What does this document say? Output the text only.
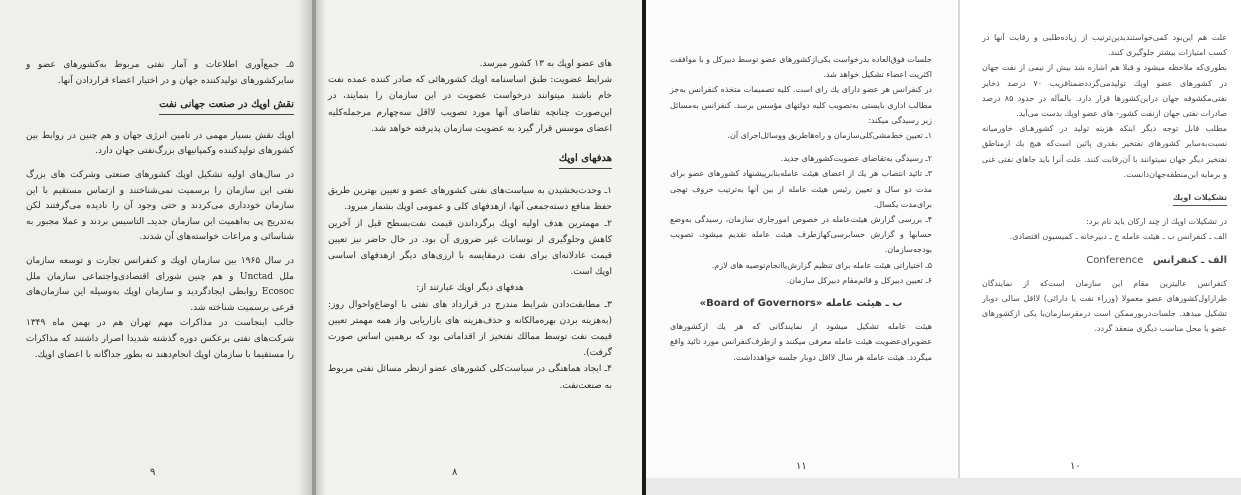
۵ـ جمع‌آوری اطلاعات و آمار نفتی مربوط به‌کشورهای عضو و سایرکشورهای تولیدکننده جهان و در اختیار اعضاء قراردادن آنها.

نقش اوپك در صنعت جهانی نفت

اوپك نقش بسیار مهمی در تامین انرژی جهان و هم چنین در روابط بین کشورهای تولیدکننده وکمپانیهای بزرگ‌نفتی جهان دارد.

در سال‌های اولیه تشکیل اوپك کشورهای صنعتی وشرکت های بزرگ نفتی این سازمان را برسمیت نمی‌شناختند و ازتماس مستقیم با این سازمان خودداری می‌کردند و حتی وجود آن را نادیده می‌گرفتند لکن به‌تدریج پی به‌اهمیت این سازمان جدیدـ التاسیس بردند و عملا مجبور به شناسائی و مراعات خواسته‌های آن شدند.

در سال ۱۹۶۵ بین سازمان اوپك و کنفرانس تجارت و توسعه سازمان ملل Unctad و هم چنین شورای اقتصادی‌واجتماعی سازمان ملل Ecosoc روابطی ایجادگردید و سازمان اوپك به‌وسیله این سازمان‌های فرعی برسمیت شناخته شد.

جالب اینجاست در مذاکرات مهم تهران هم در بهمن ماه ۱۳۴۹ شرکت‌های نفتی برعکس دوره گذشته شدیدا اصرار داشتند که مذاکرات را مستقیما با سازمان اوپك انجام‌دهند نه بطور جداگانه با اعضای اوپك.

۹

های عضو اوپك به ۱۳ کشور میرسد.

شرایط عضویت: طبق اساسنامه اوپك کشورهائی که صادر کننده عمده نفت خام باشند میتوانند درخواست عضویت در این سازمان را بنمایند، در این‌صورت چنانچه تقاضای آنها مورد تصویب لااقل سه‌چهارم مرجمله‌کلیه اعضای موسس قرار گیرد به عضویت سازمان پذیرفته خواهد شد.

هدفهای اوپك

۱ـ وحدت‌بخشیدن به سیاست‌های نفتی کشورهای عضو و تعیین بهترین طریق حفظ منافع دسته‌جمعی آنها، ازهدفهای کلی و عمومی اوپك بشمار میرود.

۲ـ مهمترین هدف اولیه اوپك برگرداندن قیمت نفت‌بسطح قبل از آخرین کاهش وجلوگیری از نوسانات غیر ضروری آن بود. در حال حاضر نیز تعیین قیمت عادلانه‌ای برای نفت درمقایسه با ارزی‌های دیگر ازهدفهای اساسی اوپك است.

هدفهای دیگر اوپك عبارتند از:

۳ـ مطابقت‌دادن شرایط مندرج در قرارداد های نفتی با اوضاع‌واحوال روز: (به‌هزینه بردن بهره‌مالکانه و حذف‌هزینه های بازاریابی واز همه مهمتر تعیین قیمت نفت توسط ممالك نفتخیز از اقداماتی بود که برهمین اساس صورت گرفت).

۴ـ ایجاد هماهنگی در سیاست‌کلی کشورهای عضو ازنظر مسائل نفتی مربوط به صنعت‌نفت.

۸

جلسات فوق‌العاده بدرخواست یکی‌ازکشورهای عضو توسط دبیرکل و با موافقت اکثریت اعضاء تشکیل خواهد شد.

در کنفرانس هر عضو دارای یك رای است. کلیه تصمیمات متخذه کنفرانس به‌جز مطالب اداری بایستی به‌تصویب کلیه دولتهای مؤسس برسد. کنفرانس به‌مسائل زیر رسیدگی میکند:

۱ـ تعیین خط‌مشی‌کلی‌سازمان و راه‌ها‌طریق ووسائل‌اجرای آن.

۲ـ رسیدگی به‌تقاضای عضویت‌کشورهای جدید.

۳ـ تائید انتصاب هر یك از اعضای هیئت عامله‌بنابرپیشنهاد کشورهای عضو برای مدت دو سال و تعیین رئیس هیئت عامله از بین آنها به‌ترتیب حروف تهجی برای‌مدت یکسال.

۴ـ بررسی گزارش هیئت‌عامله در خصوص امورجاری سازمان، رسیدگی به‌وضع حسابها و گزارش حسابرسی‌کهازطرف هیئت عامله تقدیم میشود، تصویب بودجه‌سازمان.

۵ـ اختیاراتی هیئت عامله برای تنظیم گزارش‌یاانجام‌توصیه های لازم.

۶ـ تعیین دبیرکل و قائم‌مقام دبیرکل سازمان.

ب ـ هیئت عامله «Board of Governors»

هیئت عامله تشکیل میشود از نمایندگانی که هر یك ازکشورهای عضوبرای‌عضویت هیئت عامله معرفی میکنند و ازطرف‌کنفرانس مورد تائید واقع میگردد. هیئت عامله هر سال لااقل دوبار جلسه خواهدداشت.

۱۱

علت هم این‌بود کمی‌خواستند‌بدین‌ترتیب از زیاده‌طلبی و رقابت آنها در کسب امتیازات بیشتر جلوگیری کنند.

بطوری‌که ملاحظه میشود و قبلا هم اشاره شد بیش از نیمی از نفت جهان در کشورهای عضو اوپك تولیدمی‌گردد‌ضمنا‌قریب ۷۰ درصد ذخایر نفتی‌مکشوفه جهان دراین‌کشورها قرار دارد. بالمآله در حدود ۸۵ درصد صادرات نفتی جهان ازنفت کشور- های عضو اوپك بدست می‌آید.

مطلب قابل توجه دیگر اینکه هزینه تولید در کشورهـای خاورمیانه نسبت‌به‌سایر کشورهای نفتخیز بقدری پائین است‌که هیچ یك ازمناطق نفتخیز دیگر جهان نمیتوانند با آن‌رقابت کنند. علت آنرا باید جاهای نفتی غنی و برمایه این‌منطقه‌جهان‌دانست.

تشکیلات اوپك

در تشکیلات اوپك از چند ارکان باید نام برد:

الف ـ کنفرانس ب ـ هیئت عامله ج ـ دبیرخانه ـ کمیسیون اقتصادی.

الف ـ کنفرانس Conference

کنفرانس عالیترین مقام این سازمان است‌که از نمایندگان طراز‌اول‌کشورهای عضو معمولا (وزراء نفت یا دارائی) لااقل سالی دوبار تشکیل میدهد. جلسات‌در‌بور‌ممکن است در‌مقرسازمان‌یا یکی ازکشورهای عضو یا محل مناسب دیگری منعقد گردد.

۱۰
